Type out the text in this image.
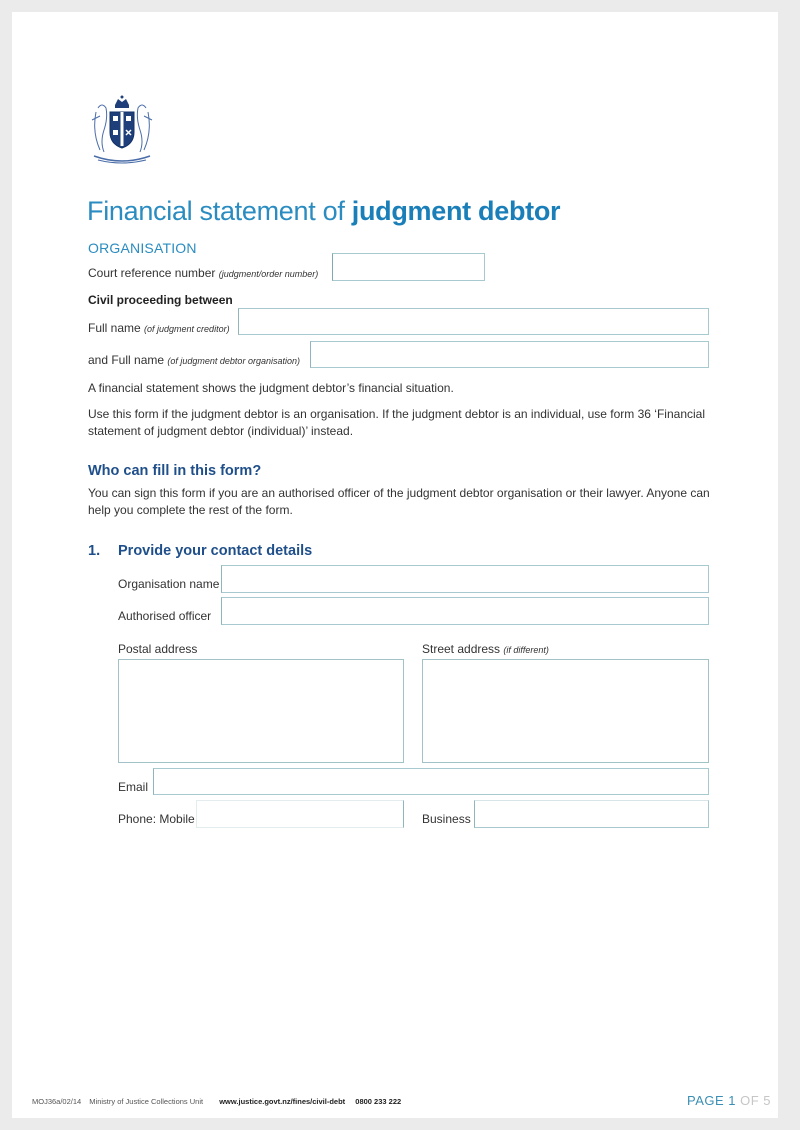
Financial statement of judgment debtor
ORGANISATION
Court reference number (judgment/order number)
Civil proceeding between
Full name (of judgment creditor)
and Full name (of judgment debtor organisation)
A financial statement shows the judgment debtor’s financial situation.
Use this form if the judgment debtor is an organisation. If the judgment debtor is an individual, use form 36 ‘Financial statement of judgment debtor (individual)’ instead.
Who can fill in this form?
You can sign this form if you are an authorised officer of the judgment debtor organisation or their lawyer. Anyone can help you complete the rest of the form.
1. Provide your contact details
Organisation name
Authorised officer
Postal address	Street address (if different)
Email
Phone: Mobile	Business
MOJ36a/02/14 Ministry of Justice Collections Unit www.justice.govt.nz/fines/civil-debt 0800 233 222	PAGE 1 OF 5
